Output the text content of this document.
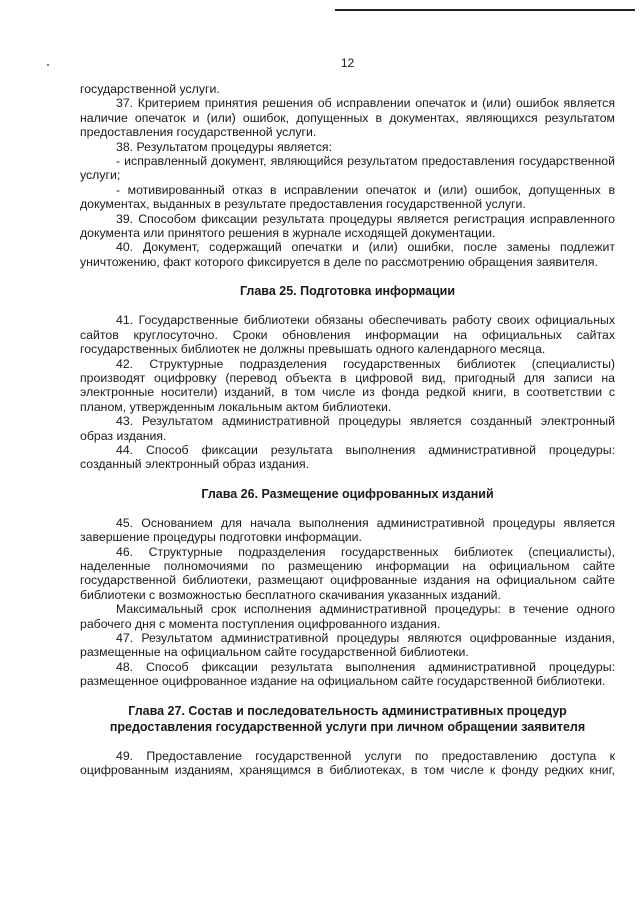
12

государственной услуги.

37. Критерием принятия решения об исправлении опечаток и (или) ошибок является наличие опечаток и (или) ошибок, допущенных в документах, являющихся результатом предоставления государственной услуги.

38. Результатом процедуры является:

- исправленный документ, являющийся результатом предоставления государственной услуги;

- мотивированный отказ в исправлении опечаток и (или) ошибок, допущенных в документах, выданных в результате предоставления государственной услуги.

39. Способом фиксации результата процедуры является регистрация исправленного документа или принятого решения в журнале исходящей документации.

40. Документ, содержащий опечатки и (или) ошибки, после замены подлежит уничтожению, факт которого фиксируется в деле по рассмотрению обращения заявителя.

Глава 25. Подготовка информации

41. Государственные библиотеки обязаны обеспечивать работу своих официальных сайтов круглосуточно. Сроки обновления информации на официальных сайтах государственных библиотек не должны превышать одного календарного месяца.

42. Структурные подразделения государственных библиотек (специалисты) производят оцифровку (перевод объекта в цифровой вид, пригодный для записи на электронные носители) изданий, в том числе из фонда редкой книги, в соответствии с планом, утвержденным локальным актом библиотеки.

43. Результатом административной процедуры является созданный электронный образ издания.

44. Способ фиксации результата выполнения административной процедуры: созданный электронный образ издания.

Глава 26. Размещение оцифрованных изданий

45. Основанием для начала выполнения административной процедуры является завершение процедуры подготовки информации.

46. Структурные подразделения государственных библиотек (специалисты), наделенные полномочиями по размещению информации на официальном сайте государственной библиотеки, размещают оцифрованные издания на официальном сайте библиотеки с возможностью бесплатного скачивания указанных изданий.

Максимальный срок исполнения административной процедуры: в течение одного рабочего дня с момента поступления оцифрованного издания.

47. Результатом административной процедуры являются оцифрованные издания, размещенные на официальном сайте государственной библиотеки.

48. Способ фиксации результата выполнения административной процедуры: размещенное оцифрованное издание на официальном сайте государственной библиотеки.

Глава 27. Состав и последовательность административных процедур

предоставления государственной услуги при личном обращении заявителя

49. Предоставление государственной услуги по предоставлению доступа к оцифрованным изданиям, хранящимся в библиотеках, в том числе к фонду редких книг,
